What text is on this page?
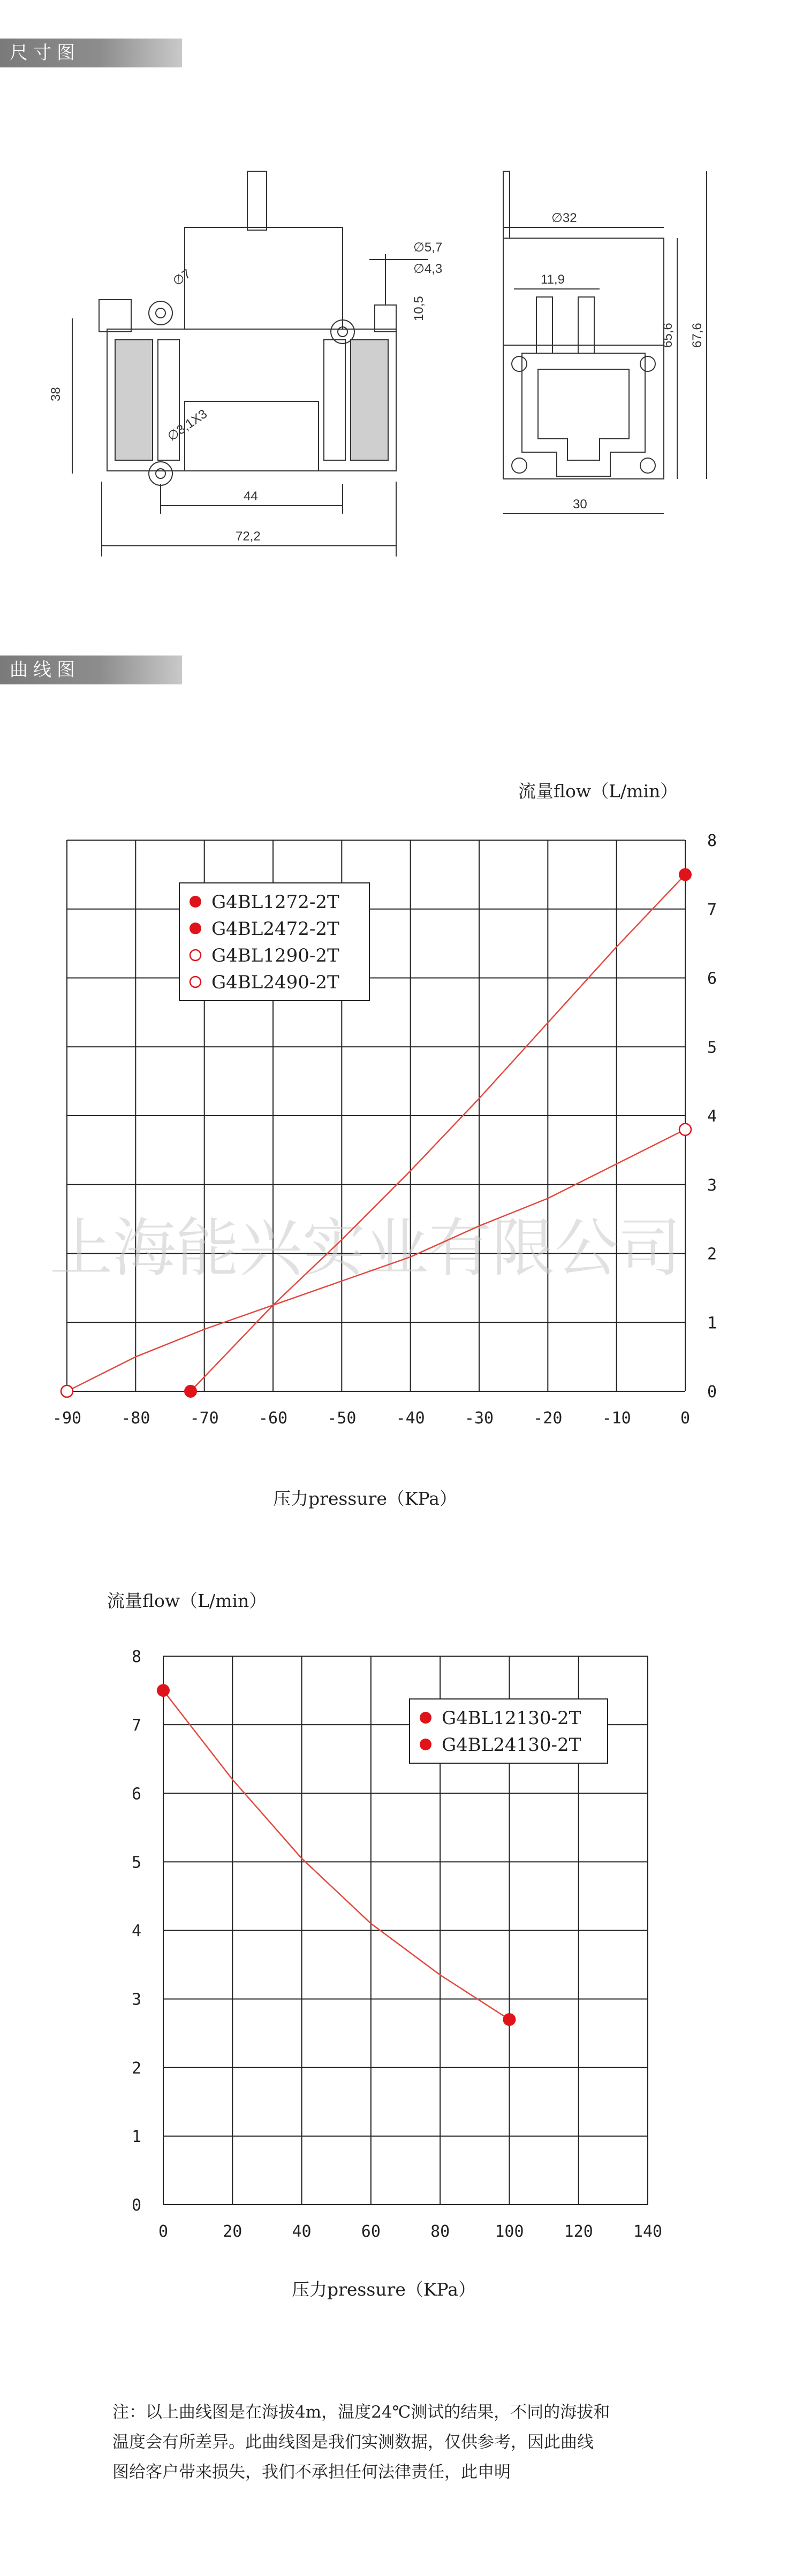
尺寸图
∅7
∅3,1X3
38
44
72,2
∅5,7
∅4,3
10,5
∅32
11,9
65,6 67,6
30
曲线图
流量flow（L/min）
上海能兴实业有限公司
-90 -80 -70 -60 -50 -40 -30 -20 -10	0
0
1
2
3
4
5
6
7
8
G4BL1272-2T
G4BL2472-2T
G4BL1290-2T
G4BL2490-2T
压力pressure（KPa）
流量flow（L/min）
0	20	40	60	80	100	120	140
0
1
2
3
4
5
6
7
8
G4BL12130-2T
G4BL24130-2T
压力pressure（KPa）
注：以上曲线图是在海拔4m，温度24℃测试的结果，不同的海拔和
温度会有所差异。此曲线图是我们实测数据，仅供参考，因此曲线
图给客户带来损失，我们不承担任何法律责任，此申明
